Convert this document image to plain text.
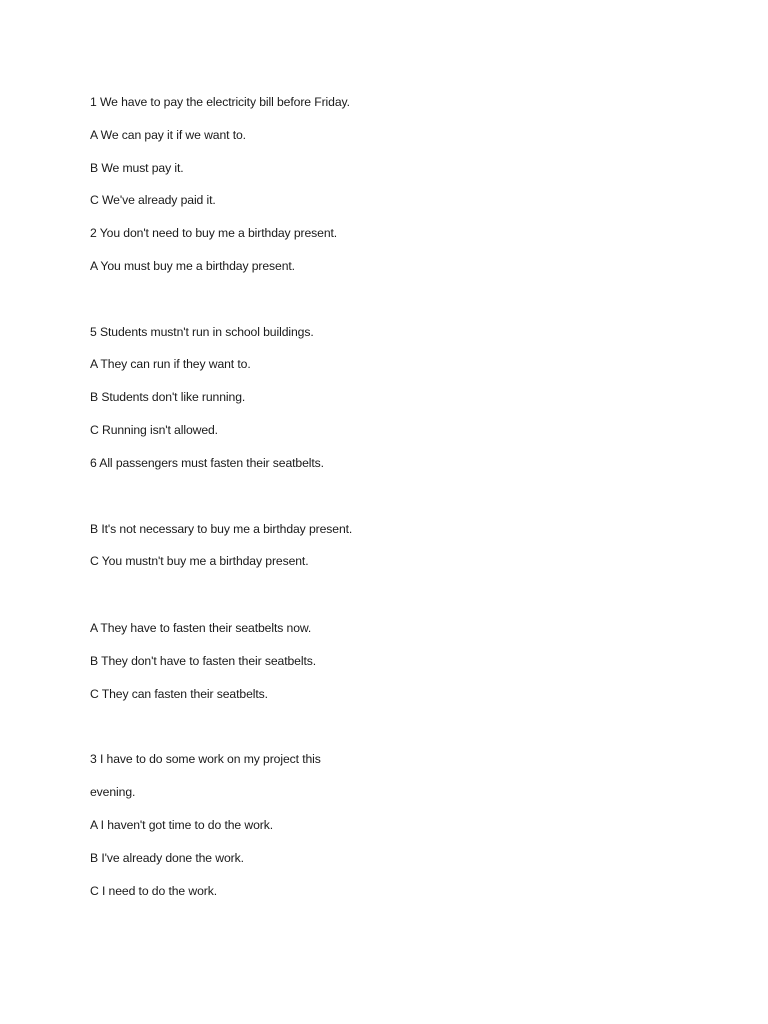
1 We have to pay the electricity bill before Friday.

A We can pay it if we want to.

B We must pay it.

C We've already paid it.

2 You don't need to buy me a birthday present.

A You must buy me a birthday present.

5 Students mustn't run in school buildings.

A They can run if they want to.

B Students don't like running.

C Running isn't allowed.

6 All passengers must fasten their seatbelts.

B It's not necessary to buy me a birthday present.

C You mustn't buy me a birthday present.

A They have to fasten their seatbelts now.

B They don't have to fasten their seatbelts.

C They can fasten their seatbelts.

3 I have to do some work on my project this

evening.

A I haven't got time to do the work.

B I've already done the work.

C I need to do the work.
